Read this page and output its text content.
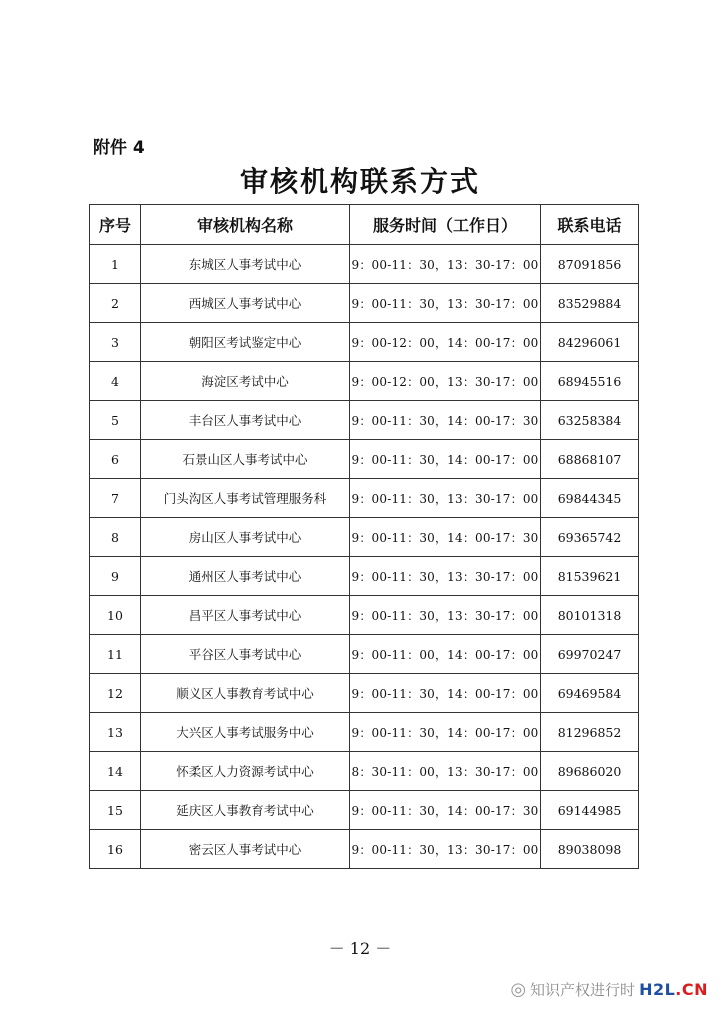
附件 4
审核机构联系方式
序号	审核机构名称	服务时间（工作日）	联系电话
1	东城区人事考试中心	9：00-11：30，13：30-17：00	87091856
2	西城区人事考试中心	9：00-11：30，13：30-17：00	83529884
3	朝阳区考试鉴定中心	9：00-12：00，14：00-17：00	84296061
4	海淀区考试中心	9：00-12：00，13：30-17：00	68945516
5	丰台区人事考试中心	9：00-11：30，14：00-17：30	63258384
6	石景山区人事考试中心	9：00-11：30，14：00-17：00	68868107
7	门头沟区人事考试管理服务科	9：00-11：30，13：30-17：00	69844345
8	房山区人事考试中心	9：00-11：30，14：00-17：30	69365742
9	通州区人事考试中心	9：00-11：30，13：30-17：00	81539621
10	昌平区人事考试中心	9：00-11：30，13：30-17：00	80101318
11	平谷区人事考试中心	9：00-11：00，14：00-17：00	69970247
12	顺义区人事教育考试中心	9：00-11：30，14：00-17：00	69469584
13	大兴区人事考试服务中心	9：00-11：30，14：00-17：00	81296852
14	怀柔区人力资源考试中心	8：30-11：00，13：30-17：00	89686020
15	延庆区人事教育考试中心	9：00-11：30，14：00-17：30	69144985
16	密云区人事考试中心	9：00-11：30，13：30-17：00	89038098
－ 12 －
◎ 知识产权进行时 H2L.CN
